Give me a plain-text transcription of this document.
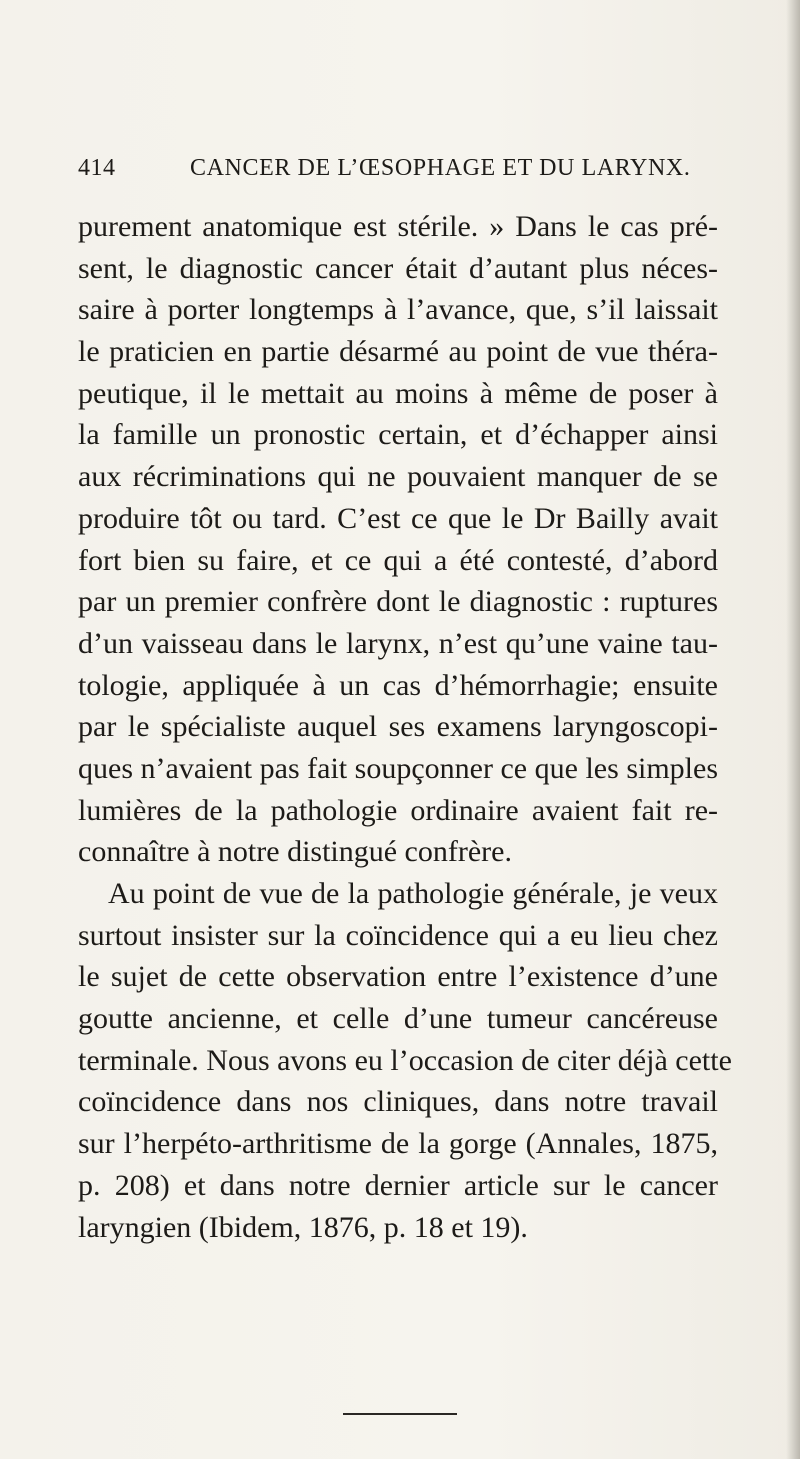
414	CANCER DE L’ŒSOPHAGE ET DU LARYNX.
purement anatomique est stérile. » Dans le cas pré-
sent, le diagnostic cancer était d’autant plus néces-
saire à porter longtemps à l’avance, que, s’il laissait
le praticien en partie désarmé au point de vue théra-
peutique, il le mettait au moins à même de poser à
la famille un pronostic certain, et d’échapper ainsi
aux récriminations qui ne pouvaient manquer de se
produire tôt ou tard. C’est ce que le Dr Bailly avait
fort bien su faire, et ce qui a été contesté, d’abord
par un premier confrère dont le diagnostic : ruptures
d’un vaisseau dans le larynx, n’est qu’une vaine tau-
tologie, appliquée à un cas d’hémorrhagie; ensuite
par le spécialiste auquel ses examens laryngoscopi-
ques n’avaient pas fait soupçonner ce que les simples
lumières de la pathologie ordinaire avaient fait re-
connaître à notre distingué confrère.
Au point de vue de la pathologie générale, je veux
surtout insister sur la coïncidence qui a eu lieu chez
le sujet de cette observation entre l’existence d’une
goutte ancienne, et celle d’une tumeur cancéreuse
terminale. Nous avons eu l’occasion de citer déjà cette
coïncidence dans nos cliniques, dans notre travail
sur l’herpéto-arthritisme de la gorge (Annales, 1875,
p. 208) et dans notre dernier article sur le cancer
laryngien (Ibidem, 1876, p. 18 et 19).
